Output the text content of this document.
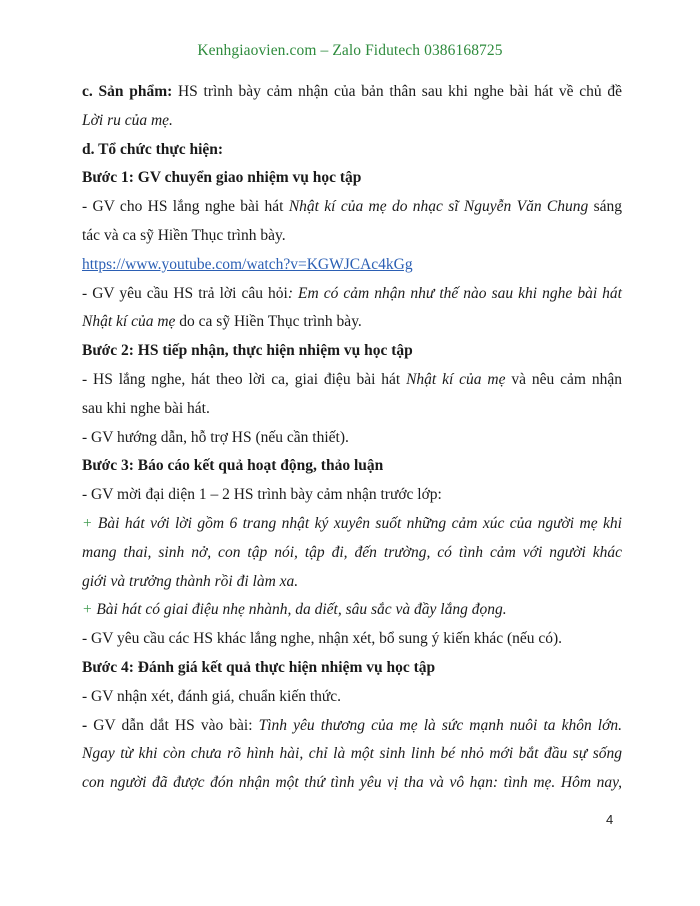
Kenhgiaovien.com – Zalo Fidutech 0386168725
c. Sản phẩm: HS trình bày cảm nhận của bản thân sau khi nghe bài hát về chủ đề
Lời ru của mẹ.
d. Tổ chức thực hiện:
Bước 1: GV chuyển giao nhiệm vụ học tập
- GV cho HS lắng nghe bài hát Nhật kí của mẹ do nhạc sĩ Nguyễn Văn Chung sáng
tác và ca sỹ Hiền Thục trình bày.
https://www.youtube.com/watch?v=KGWJCAc4kGg
- GV yêu cầu HS trả lời câu hỏi: Em có cảm nhận như thế nào sau khi nghe bài hát
Nhật kí của mẹ do ca sỹ Hiền Thục trình bày.
Bước 2: HS tiếp nhận, thực hiện nhiệm vụ học tập
- HS lắng nghe, hát theo lời ca, giai điệu bài hát Nhật kí của mẹ và nêu cảm nhận
sau khi nghe bài hát.
- GV hướng dẫn, hỗ trợ HS (nếu cần thiết).
Bước 3: Báo cáo kết quả hoạt động, thảo luận
- GV mời đại diện 1 – 2 HS trình bày cảm nhận trước lớp:
+ Bài hát với lời gồm 6 trang nhật ký xuyên suốt những cảm xúc của người mẹ khi
mang thai, sinh nở, con tập nói, tập đi, đến trường, có tình cảm với người khác
giới và trưởng thành rồi đi làm xa.
+ Bài hát có giai điệu nhẹ nhành, da diết, sâu sắc và đầy lắng đọng.
- GV yêu cầu các HS khác lắng nghe, nhận xét, bổ sung ý kiến khác (nếu có).
Bước 4: Đánh giá kết quả thực hiện nhiệm vụ học tập
- GV nhận xét, đánh giá, chuẩn kiến thức.
- GV dẫn dắt HS vào bài: Tình yêu thương của mẹ là sức mạnh nuôi ta khôn lớn.
Ngay từ khi còn chưa rõ hình hài, chỉ là một sinh linh bé nhỏ mới bắt đầu sự sống
con người đã được đón nhận một thứ tình yêu vị tha và vô hạn: tình mẹ. Hôm nay,
4
